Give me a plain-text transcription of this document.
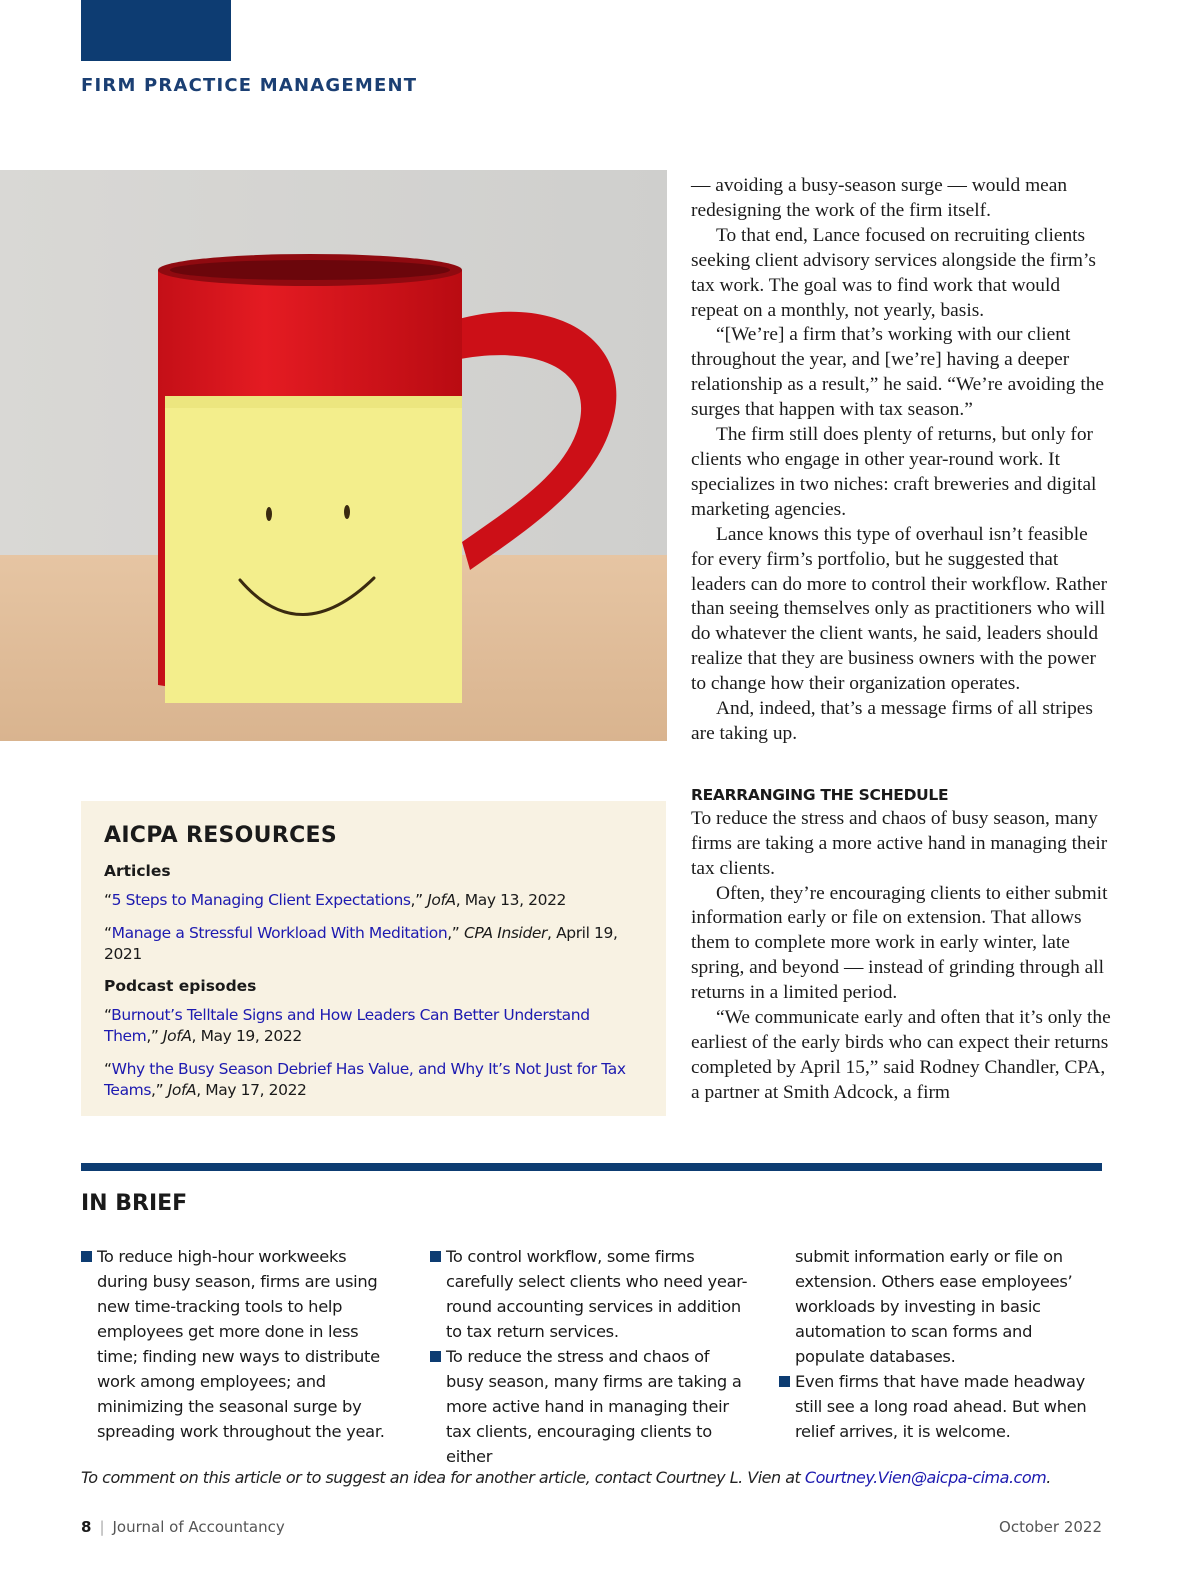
FIRM PRACTICE MANAGEMENT
AICPA RESOURCES
Articles
“5 Steps to Managing Client Expectations,” JofA, May 13, 2022
“Manage a Stressful Workload With Meditation,” CPA Insider, April 19, 2021
Podcast episodes
“Burnout’s Telltale Signs and How Leaders Can Better Understand Them,” JofA, May 19, 2022
“Why the Busy Season Debrief Has Value, and Why It’s Not Just for Tax Teams,” JofA, May 17, 2022

— avoiding a busy-season surge — would mean redesigning the work of the firm itself.

To that end, Lance focused on recruiting clients seeking client advisory services alongside the firm’s tax work. The goal was to find work that would repeat on a monthly, not yearly, basis.

“[We’re] a firm that’s working with our client throughout the year, and [we’re] having a deeper relationship as a result,” he said. “We’re avoiding the surges that happen with tax season.”

The firm still does plenty of returns, but only for clients who engage in other year-round work. It specializes in two niches: craft breweries and digital marketing agencies.

Lance knows this type of overhaul isn’t feasible for every firm’s portfolio, but he suggested that leaders can do more to control their workflow. Rather than seeing themselves only as practitioners who will do whatever the client wants, he said, leaders should realize that they are business owners with the power to change how their organization operates.

And, indeed, that’s a message firms of all stripes are taking up.

REARRANGING THE SCHEDULE

To reduce the stress and chaos of busy season, many firms are taking a more active hand in managing their tax clients.

Often, they’re encouraging clients to either submit information early or file on extension. That allows them to complete more work in early winter, late spring, and beyond — instead of grinding through all returns in a limited period.

“We communicate early and often that it’s only the earliest of the early birds who can expect their returns completed by April 15,” said Rodney Chandler, CPA, a partner at Smith Adcock, a firm

IN BRIEF

To reduce high-hour workweeks during busy season, firms are using new time-tracking tools to help employees get more done in less time; finding new ways to distribute work among employees; and minimizing the seasonal surge by spreading work throughout the year.

To control workflow, some firms carefully select clients who need year-round accounting services in addition to tax return services.

To reduce the stress and chaos of busy season, many firms are taking a more active hand in managing their tax clients, encouraging clients to either

submit information early or file on extension. Others ease employees’ workloads by investing in basic automation to scan forms and populate databases.

Even firms that have made headway still see a long road ahead. But when relief arrives, it is welcome.

To comment on this article or to suggest an idea for another article, contact Courtney L. Vien at Courtney.Vien@aicpa-cima.com.
8 | Journal of Accountancy	October 2022
